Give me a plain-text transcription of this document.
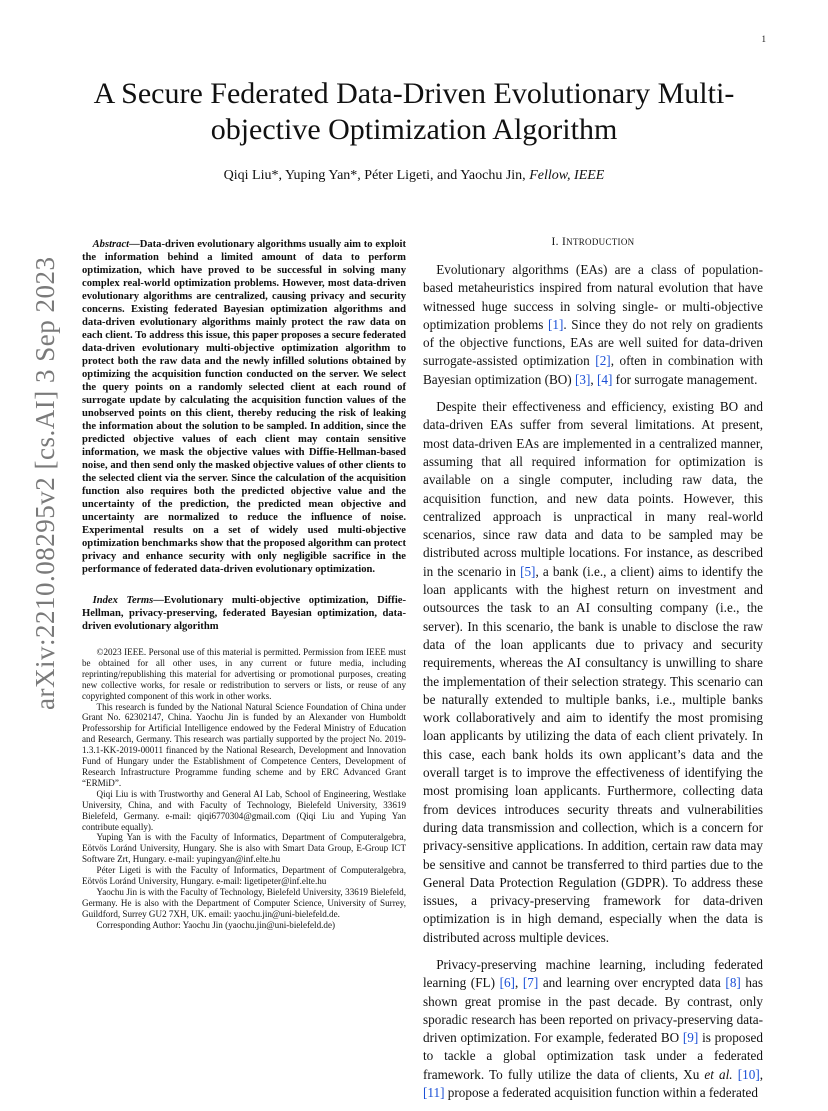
1
arXiv:2210.08295v2 [cs.AI] 3 Sep 2023
A Secure Federated Data-Driven Evolutionary Multi-objective Optimization Algorithm
Qiqi Liu*, Yuping Yan*, Péter Ligeti, and Yaochu Jin, Fellow, IEEE

Abstract—Data-driven evolutionary algorithms usually aim to exploit the information behind a limited amount of data to perform optimization, which have proved to be successful in solving many complex real-world optimization problems. However, most data-driven evolutionary algorithms are centralized, causing privacy and security concerns. Existing federated Bayesian optimization algorithms and data-driven evolutionary algorithms mainly protect the raw data on each client. To address this issue, this paper proposes a secure federated data-driven evolutionary multi-objective optimization algorithm to protect both the raw data and the newly infilled solutions obtained by optimizing the acquisition function conducted on the server. We select the query points on a randomly selected client at each round of surrogate update by calculating the acquisition function values of the unobserved points on this client, thereby reducing the risk of leaking the information about the solution to be sampled. In addition, since the predicted objective values of each client may contain sensitive information, we mask the objective values with Diffie-Hellman-based noise, and then send only the masked objective values of other clients to the selected client via the server. Since the calculation of the acquisition function also requires both the predicted objective value and the uncertainty of the prediction, the predicted mean objective and uncertainty are normalized to reduce the influence of noise. Experimental results on a set of widely used multi-objective optimization benchmarks show that the proposed algorithm can protect privacy and enhance security with only negligible sacrifice in the performance of federated data-driven evolutionary optimization.

Index Terms—Evolutionary multi-objective optimization, Diffie-Hellman, privacy-preserving, federated Bayesian optimization, data-driven evolutionary algorithm

©2023 IEEE. Personal use of this material is permitted. Permission from IEEE must be obtained for all other uses, in any current or future media, including reprinting/republishing this material for advertising or promotional purposes, creating new collective works, for resale or redistribution to servers or lists, or reuse of any copyrighted component of this work in other works.

This research is funded by the National Natural Science Foundation of China under Grant No. 62302147, China. Yaochu Jin is funded by an Alexander von Humboldt Professorship for Artificial Intelligence endowed by the Federal Ministry of Education and Research, Germany. This research was partially supported by the project No. 2019-1.3.1-KK-2019-00011 financed by the National Research, Development and Innovation Fund of Hungary under the Establishment of Competence Centers, Development of Research Infrastructure Programme funding scheme and by ERC Advanced Grant “ERMiD”.

Qiqi Liu is with Trustworthy and General AI Lab, School of Engineering, Westlake University, China, and with Faculty of Technology, Bielefeld University, 33619 Bielefeld, Germany. e-mail: qiqi6770304@gmail.com (Qiqi Liu and Yuping Yan contribute equally).

Yuping Yan is with the Faculty of Informatics, Department of Computeralgebra, Eötvös Loránd University, Hungary. She is also with Smart Data Group, E-Group ICT Software Zrt, Hungary. e-mail: yupingyan@inf.elte.hu

Péter Ligeti is with the Faculty of Informatics, Department of Computeralgebra, Eötvös Loránd University, Hungary. e-mail: ligetipeter@inf.elte.hu

Yaochu Jin is with the Faculty of Technology, Bielefeld University, 33619 Bielefeld, Germany. He is also with the Department of Computer Science, University of Surrey, Guildford, Surrey GU2 7XH, UK. email: yaochu.jin@uni-bielefeld.de.

Corresponding Author: Yaochu Jin (yaochu.jin@uni-bielefeld.de)

I. INTRODUCTION

Evolutionary algorithms (EAs) are a class of population-based metaheuristics inspired from natural evolution that have witnessed huge success in solving single- or multi-objective optimization problems [1]. Since they do not rely on gradients of the objective functions, EAs are well suited for data-driven surrogate-assisted optimization [2], often in combination with Bayesian optimization (BO) [3], [4] for surrogate management.

Despite their effectiveness and efficiency, existing BO and data-driven EAs suffer from several limitations. At present, most data-driven EAs are implemented in a centralized manner, assuming that all required information for optimization is available on a single computer, including raw data, the acquisition function, and new data points. However, this centralized approach is unpractical in many real-world scenarios, since raw data and data to be sampled may be distributed across multiple locations. For instance, as described in the scenario in [5], a bank (i.e., a client) aims to identify the loan applicants with the highest return on investment and outsources the task to an AI consulting company (i.e., the server). In this scenario, the bank is unable to disclose the raw data of the loan applicants due to privacy and security requirements, whereas the AI consultancy is unwilling to share the implementation of their selection strategy. This scenario can be naturally extended to multiple banks, i.e., multiple banks work collaboratively and aim to identify the most promising loan applicants by utilizing the data of each client privately. In this case, each bank holds its own applicant’s data and the overall target is to improve the effectiveness of identifying the most promising loan applicants. Furthermore, collecting data from devices introduces security threats and vulnerabilities during data transmission and collection, which is a concern for privacy-sensitive applications. In addition, certain raw data may be sensitive and cannot be transferred to third parties due to the General Data Protection Regulation (GDPR). To address these issues, a privacy-preserving framework for data-driven optimization is in high demand, especially when the data is distributed across multiple devices.

Privacy-preserving machine learning, including federated learning (FL) [6], [7] and learning over encrypted data [8] has shown great promise in the past decade. By contrast, only sporadic research has been reported on privacy-preserving data-driven optimization. For example, federated BO [9] is proposed to tackle a global optimization task under a federated framework. To fully utilize the data of clients, Xu et al. [10], [11] propose a federated acquisition function within a federated
